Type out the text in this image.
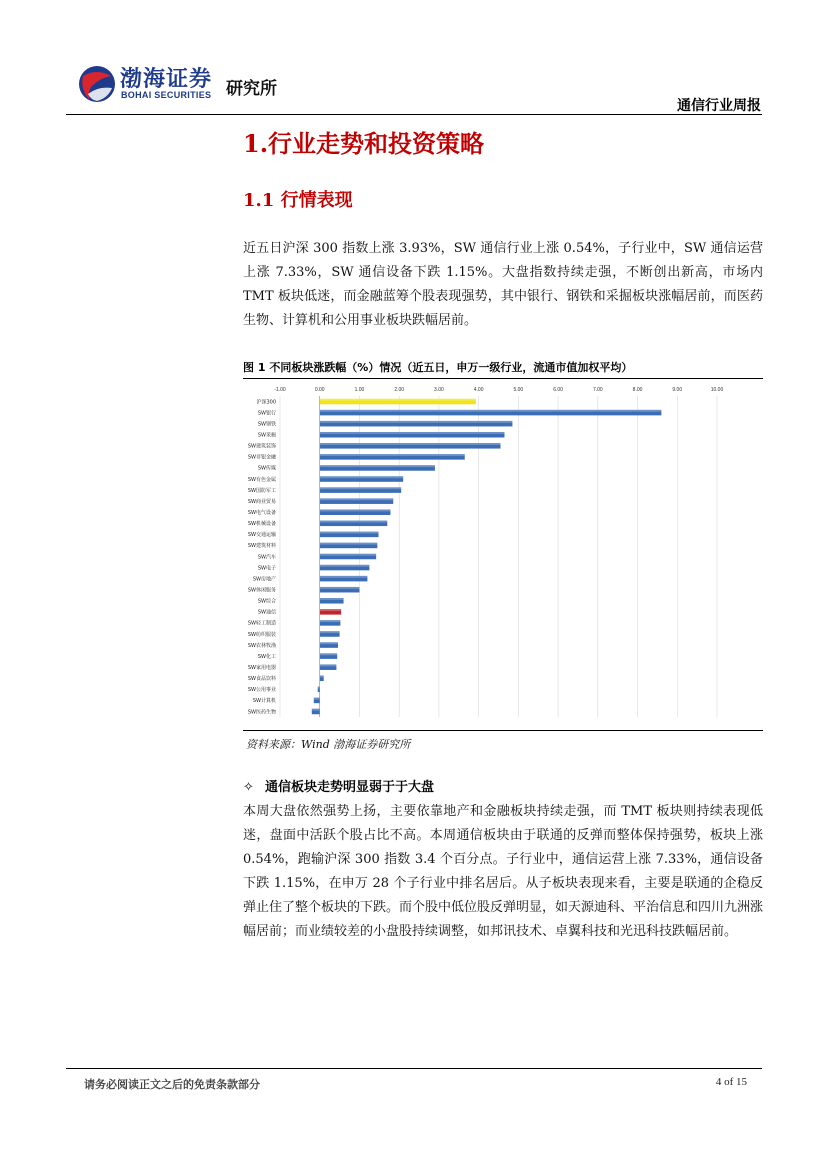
渤海证券
BOHAI SECURITIES 研究所
通信行业周报
1.行业走势和投资策略
1.1 行情表现
近五日沪深 300 指数上涨 3.93%，SW 通信行业上涨 0.54%，子行业中，SW 通信运营上涨 7.33%，SW 通信设备下跌 1.15%。大盘指数持续走强，不断创出新高，市场内 TMT 板块低迷，而金融蓝筹个股表现强势，其中银行、钢铁和采掘板块涨幅居前，而医药生物、计算机和公用事业板块跌幅居前。
图 1 不同板块涨跌幅（%）情况（近五日，申万一级行业，流通市值加权平均）
-1.00	0.00	1.00	2.00	3.00	4.00	5.00	6.00	7.00	8.00	9.00	10.00
沪深300
SW银行
SW钢铁
SW采掘
SW建筑装饰
SW非银金融
SW传媒
SW有色金属
SW国防军工
SW商业贸易
SW电气设备
SW机械设备
SW交通运输
SW建筑材料
SW汽车
SW电子
SW房地产
SW休闲服务
SW综合
SW通信
SW轻工制造
SW纺织服装
SW农林牧渔
SW化工
SW家用电器
SW食品饮料
SW公用事业
SW计算机
SW医药生物
资料来源：Wind 渤海证券研究所
✧ 通信板块走势明显弱于于大盘
本周大盘依然强势上扬，主要依靠地产和金融板块持续走强，而 TMT 板块则持续表现低迷，盘面中活跃个股占比不高。本周通信板块由于联通的反弹而整体保持强势，板块上涨 0.54%，跑输沪深 300 指数 3.4 个百分点。子行业中，通信运营上涨 7.33%，通信设备下跌 1.15%，在申万 28 个子行业中排名居后。从子板块表现来看，主要是联通的企稳反弹止住了整个板块的下跌。而个股中低位股反弹明显，如天源迪科、平治信息和四川九洲涨幅居前；而业绩较差的小盘股持续调整，如邦讯技术、卓翼科技和光迅科技跌幅居前。
请务必阅读正文之后的免责条款部分	4 of 15
